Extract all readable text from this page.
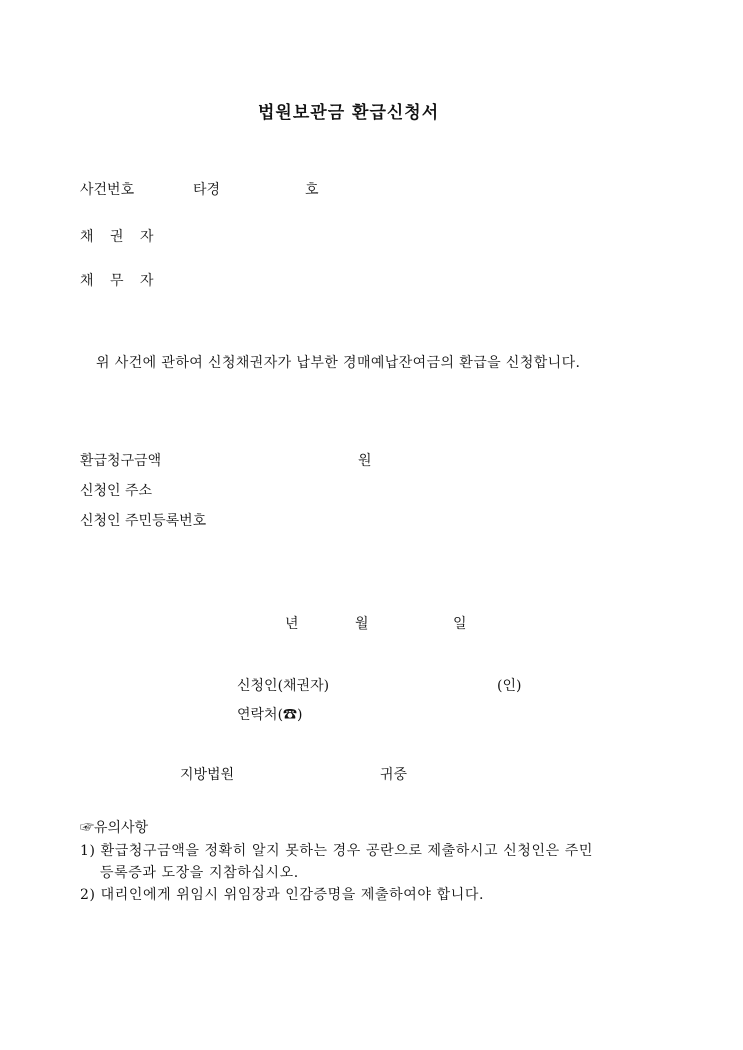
법원보관금 환급신청서
사건번호	타경	호
채 권 자
채 무 자
위 사건에 관하여 신청채권자가 납부한 경매예납잔여금의 환급을 신청합니다.
환급청구금액	원
신청인 주소
신청인 주민등록번호
년	월	일
신청인(채권자)	(인)
연락처(☎)
지방법원	귀중
☞유의사항
1) 환급청구금액을 정확히 알지 못하는 경우 공란으로 제출하시고 신청인은 주민
등록증과 도장을 지참하십시오.
2) 대리인에게 위임시 위임장과 인감증명을 제출하여야 합니다.
